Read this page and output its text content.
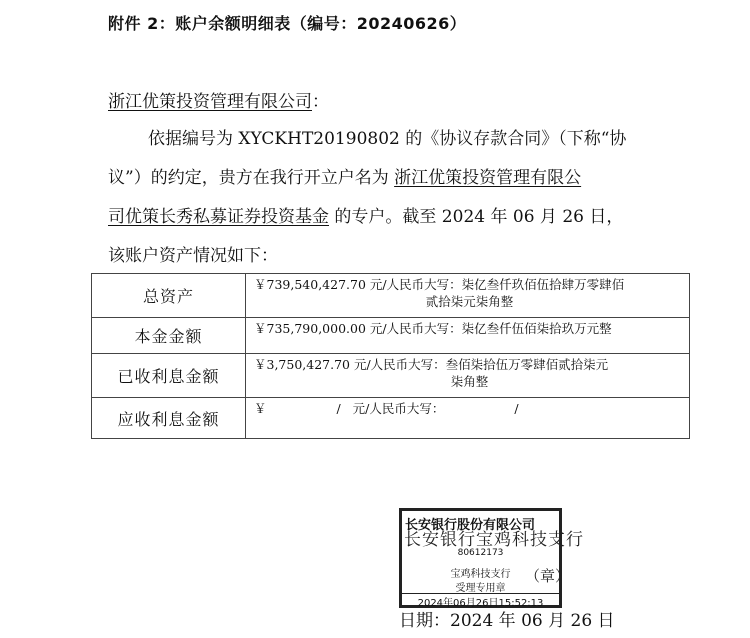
附件 2：账户余额明细表（编号：20240626）
浙江优策投资管理有限公司：
依据编号为 XYCKHT20190802 的《协议存款合同》（下称“协
议”）的约定，贵方在我行开立户名为 浙江优策投资管理有限公
司优策长秀私募证券投资基金 的专户。截至 2024 年 06 月 26 日，
该账户资产情况如下：
总资产	￥739,540,427.70 元/人民币大写：柒亿叁仟玖佰伍拾肆万零肆佰
贰拾柒元柒角整

本金金额	￥735,790,000.00 元/人民币大写：柒亿叁仟伍佰柒拾玖万元整
已收利息金额	￥3,750,427.70 元/人民币大写：叁佰柒拾伍万零肆佰贰拾柒元
柒角整

应收利息金额	￥ / 元/人民币大写： /
长安银行股份有限公司
80612173
宝鸡科技支行
受理专用章
2024年06月26日15:52:13
长安银行宝鸡科技支行
（章）
日期：2024 年 06 月 26 日
